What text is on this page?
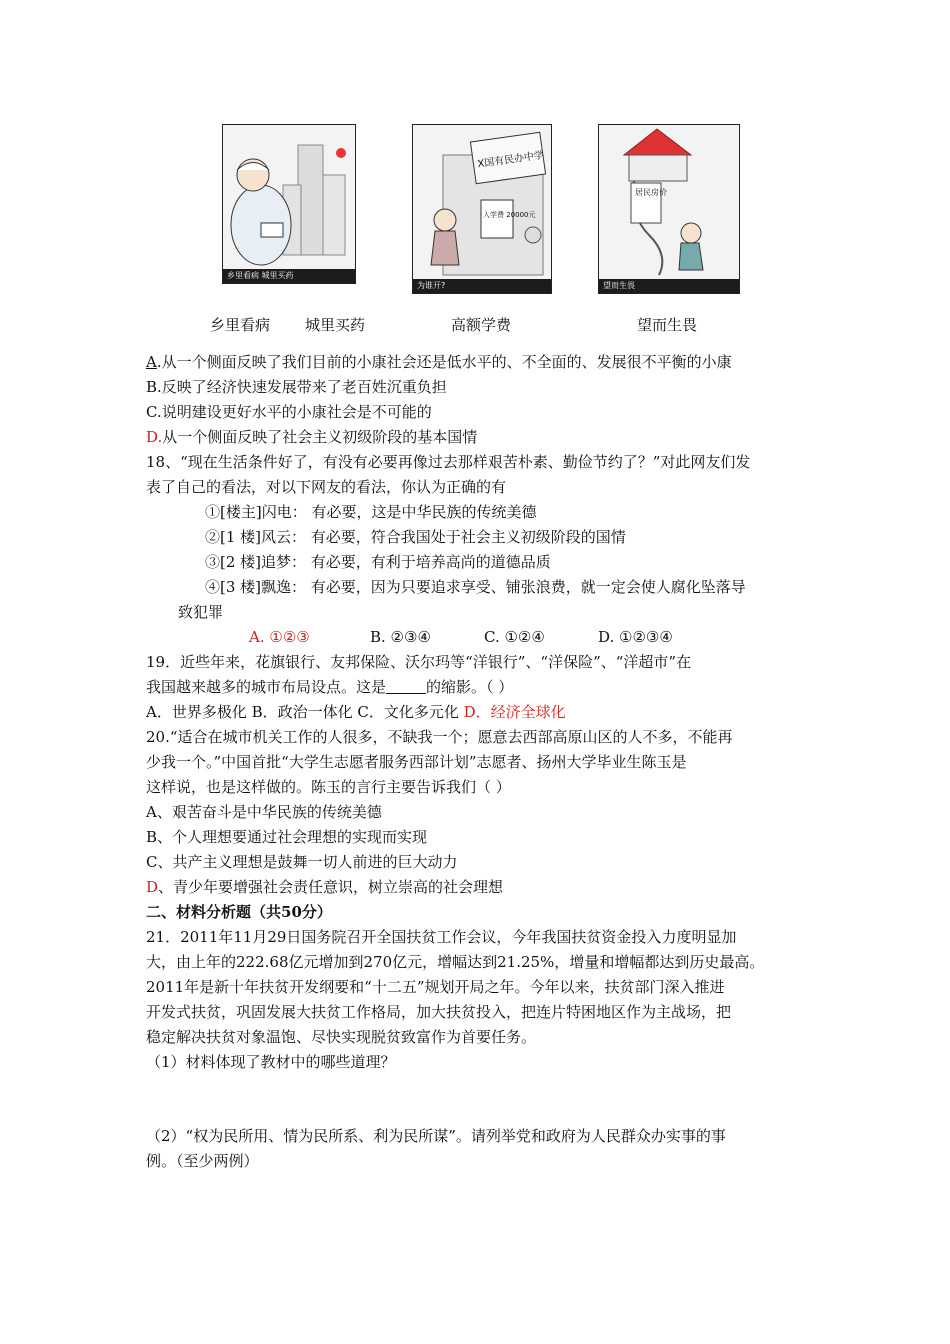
乡里看病 城里买药
X国有民办中学
入学费 20000元
为谁开?
居民房价
望而生畏
乡里看病 城里买药	高额学费	望而生畏
A.从一个侧面反映了我们目前的小康社会还是低水平的、不全面的、发展很不平衡的小康
B.反映了经济快速发展带来了老百姓沉重负担
C.说明建设更好水平的小康社会是不可能的
D.从一个侧面反映了社会主义初级阶段的基本国情
18、“现在生活条件好了，有没有必要再像过去那样艰苦朴素、勤俭节约了？”对此网友们发
表了自己的看法，对以下网友的看法，你认为正确的有
①[楼主]闪电： 有必要，这是中华民族的传统美德
②[1 楼]风云： 有必要，符合我国处于社会主义初级阶段的国情
③[2 楼]追梦： 有必要，有利于培养高尚的道德品质
④[3 楼]飘逸： 有必要，因为只要追求享受、铺张浪费，就一定会使人腐化坠落导
致犯罪
A. ①②③	B. ②③④	C. ①②④	D. ①②③④
19．近些年来，花旗银行、友邦保险、沃尔玛等“洋银行”、“洋保险”、“洋超市”在
我国越来越多的城市布局设点。这是	的缩影。（ ）
A．世界多极化 B．政治一体化 C．文化多元化 D．经济全球化
20.“适合在城市机关工作的人很多，不缺我一个；愿意去西部高原山区的人不多，不能再
少我一个。”中国首批“大学生志愿者服务西部计划”志愿者、扬州大学毕业生陈玉是
这样说，也是这样做的。陈玉的言行主要告诉我们（ ）
A、艰苦奋斗是中华民族的传统美德
B、个人理想要通过社会理想的实现而实现
C、共产主义理想是鼓舞一切人前进的巨大动力
D、青少年要增强社会责任意识，树立崇高的社会理想
二、材料分析题（共50分）
21．2011年11月29日国务院召开全国扶贫工作会议，今年我国扶贫资金投入力度明显加
大，由上年的222.68亿元增加到270亿元，增幅达到21.25%，增量和增幅都达到历史最高。
2011年是新十年扶贫开发纲要和“十二五”规划开局之年。今年以来，扶贫部门深入推进
开发式扶贫，巩固发展大扶贫工作格局，加大扶贫投入，把连片特困地区作为主战场，把
稳定解决扶贫对象温饱、尽快实现脱贫致富作为首要任务。
（1）材料体现了教材中的哪些道理？
（2）“权为民所用、情为民所系、利为民所谋”。请列举党和政府为人民群众办实事的事
例。（至少两例）
